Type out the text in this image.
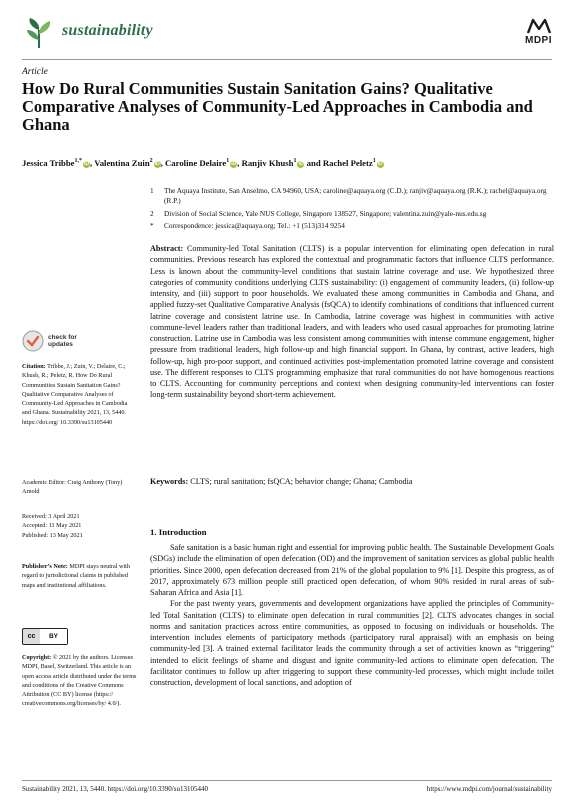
sustainability
MDPI
Article
How Do Rural Communities Sustain Sanitation Gains? Qualitative Comparative Analyses of Community-Led Approaches in Cambodia and Ghana
Jessica Tribbe$^{1,*}$ iD, Valentina Zuin$^2$ iD, Caroline Delaire$^1$ iD, Ranjiv Khush$^1$ iD and Rachel Peletz$^1$ iD
1	The Aquaya Institute, San Anselmo, CA 94960, USA; caroline@aquaya.org (C.D.); ranjiv@aquaya.org (R.K.); rachel@aquaya.org (R.P.)
2	Division of Social Science, Yale NUS College, Singapore 138527, Singapore; valentina.zuin@yale-nus.edu.sg
*	Correspondence: jessica@aquaya.org; Tel.: +1 (513)314 9254
Abstract: Community-led Total Sanitation (CLTS) is a popular intervention for eliminating open defecation in rural communities. Previous research has explored the contextual and programmatic factors that influence CLTS performance. Less is known about the community-level conditions that sustain latrine coverage and use. We hypothesized three categories of community conditions underlying CLTS sustainability: (i) engagement of community leaders, (ii) follow-up intensity, and (iii) support to poor households. We evaluated these among communities in Cambodia and Ghana, and applied fuzzy-set Qualitative Comparative Analysis (fsQCA) to identify combinations of conditions that influenced current latrine coverage and consistent latrine use. In Cambodia, latrine coverage was highest in communities with active commune-level leaders rather than traditional leaders, and with leaders who used casual approaches for promoting latrine construction. Latrine use in Cambodia was less consistent among communities with intense commune engagement, higher pressure from traditional leaders, high follow-up and high financial support. In Ghana, by contrast, active leaders, high follow-up, high pro-poor support, and continued activities post-implementation promoted latrine coverage and consistent use. The different responses to CLTS programming emphasize that rural communities do not have homogenous reactions to CLTS. Accounting for community perceptions and context when designing community-led interventions can foster long-term sustainability beyond short-term achievement.
Keywords: CLTS; rural sanitation; fsQCA; behavior change; Ghana; Cambodia
check for
updates
Citation: Tribbe, J.; Zuin, V.; Delaire, C.; Khush, R.; Peletz, R. How Do Rural Communities Sustain Sanitation Gains? Qualitative Comparative Analyses of Community-Led Approaches in Cambodia and Ghana. Sustainability 2021, 13, 5440. https://doi.org/ 10.3390/su13105440
Academic Editor: Craig Anthony (Tony) Arnold
Received: 3 April 2021
Accepted: 11 May 2021
Published: 13 May 2021
Publisher’s Note: MDPI stays neutral with regard to jurisdictional claims in published maps and institutional affiliations.
cc	BY
Copyright: © 2021 by the authors. Licensee MDPI, Basel, Switzerland. This article is an open access article distributed under the terms and conditions of the Creative Commons Attribution (CC BY) license (https:// creativecommons.org/licenses/by/ 4.0/).
1. Introduction

Safe sanitation is a basic human right and essential for improving public health. The Sustainable Development Goals (SDGs) include the elimination of open defecation (OD) and the improvement of sanitation services as global public health priorities. Since 2000, open defecation decreased from 21% of the global population to 9% [1]. Despite this progress, as of 2017, approximately 673 million people still practiced open defecation, of whom 90% resided in rural areas of sub-Saharan Africa and Asia [1].

For the past twenty years, governments and development organizations have applied the principles of Community-led Total Sanitation (CLTS) to eliminate open defecation in rural communities [2]. CLTS advocates changes in social norms and sanitation practices across entire communities, as opposed to focusing on individuals or households. The intervention includes elements of participatory methods (participatory rural appraisal) with an emphasis on being community-led [3]. A trained external facilitator leads the community through a set of activities known as “triggering” intended to elicit feelings of shame and disgust and ignite community-led actions to eliminate open defecation. The facilitator continues to follow up after triggering to support these community-led processes, which might include toilet construction, development of local sanctions, and adoption of

Sustainability 2021, 13, 5440. https://doi.org/10.3390/su13105440	https://www.mdpi.com/journal/sustainability
